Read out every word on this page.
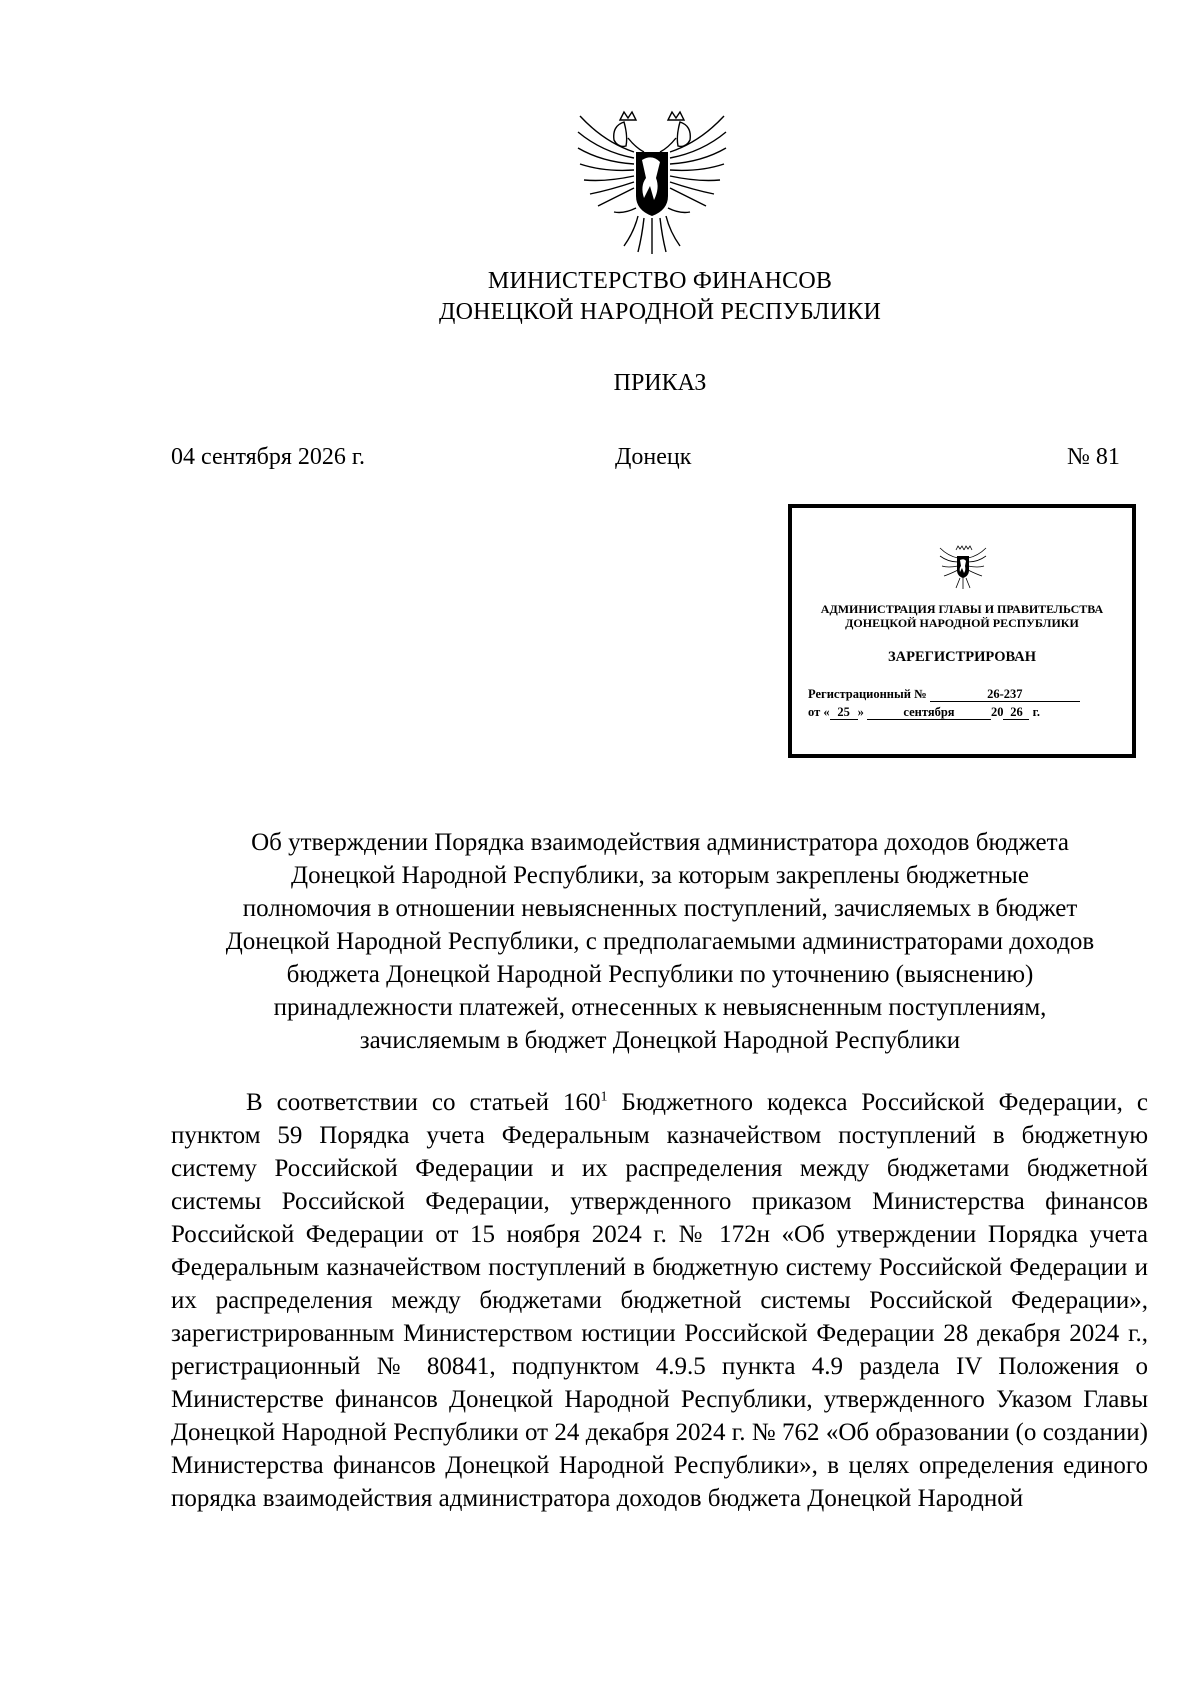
МИНИСТЕРСТВО ФИНАНСОВ
ДОНЕЦКОЙ НАРОДНОЙ РЕСПУБЛИКИ
ПРИКАЗ
04 сентября 2026 г.	Донецк	№ 81
АДМИНИСТРАЦИЯ ГЛАВЫ И ПРАВИТЕЛЬСТВА
ДОНЕЦКОЙ НАРОДНОЙ РЕСПУБЛИКИ
ЗАРЕГИСТРИРОВАН
Регистрационный №	26-237
от « 25 »	сентября	20 26 г.
Об утверждении Порядка взаимодействия администратора доходов бюджета
Донецкой Народной Республики, за которым закреплены бюджетные
полномочия в отношении невыясненных поступлений, зачисляемых в бюджет
Донецкой Народной Республики, с предполагаемыми администраторами доходов
бюджета Донецкой Народной Республики по уточнению (выяснению)
принадлежности платежей, отнесенных к невыясненным поступлениям,
зачисляемым в бюджет Донецкой Народной Республики
В соответствии со статьей $160^1$ Бюджетного кодекса Российской Федерации, с пунктом 59 Порядка учета Федеральным казначейством поступлений в бюджетную систему Российской Федерации и их распределения между бюджетами бюджетной системы Российской Федерации, утвержденного приказом Министерства финансов Российской Федерации от 15 ноября 2024 г. № 172н «Об утверждении Порядка учета Федеральным казначейством поступлений в бюджетную систему Российской Федерации и их распределения между бюджетами бюджетной системы Российской Федерации», зарегистрированным Министерством юстиции Российской Федерации 28 декабря 2024 г., регистрационный № 80841, подпунктом 4.9.5 пункта 4.9 раздела IV Положения о Министерстве финансов Донецкой Народной Республики, утвержденного Указом Главы Донецкой Народной Республики от 24 декабря 2024 г. № 762 «Об образовании (о создании) Министерства финансов Донецкой Народной Республики», в целях определения единого порядка взаимодействия администратора доходов бюджета Донецкой Народной
